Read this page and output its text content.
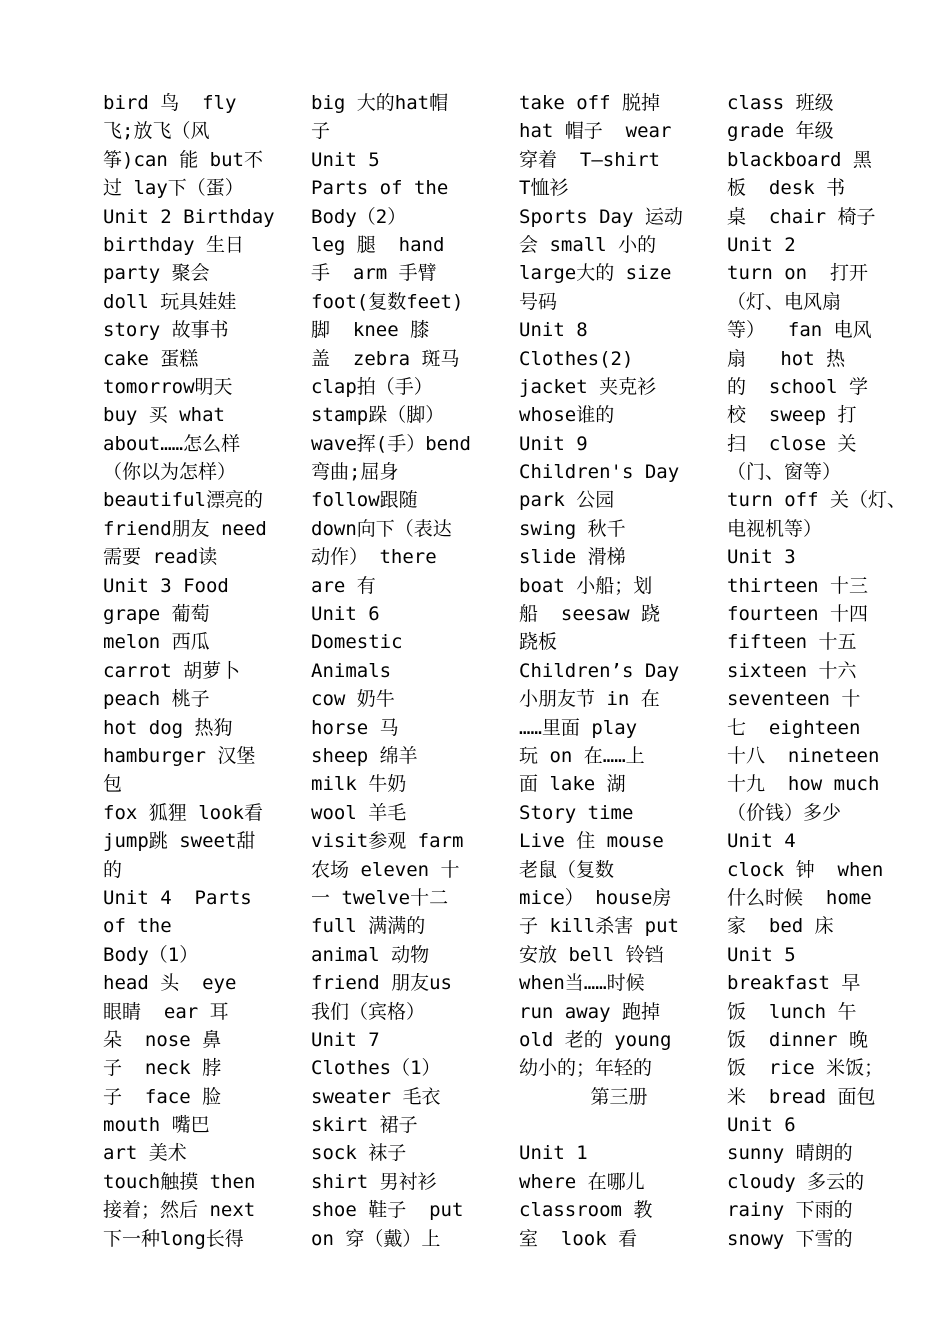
bird 鸟  fly
飞;放飞（风
筝)can 能 but不
过 lay下（蛋）
Unit 2 Birthday
birthday 生日
party 聚会
doll 玩具娃娃
story 故事书
cake 蛋糕
tomorrow明天
buy 买 what
about……怎么样
（你以为怎样）
beautiful漂亮的
friend朋友 need
需要 read读
Unit 3 Food
grape 葡萄
melon 西瓜
carrot 胡萝卜
peach 桃子
hot dog 热狗
hamburger 汉堡
包
fox 狐狸 look看
jump跳 sweet甜
的
Unit 4  Parts
of the
Body（1）
head 头  eye
眼睛  ear 耳
朵  nose 鼻
子  neck 脖
子  face 脸
mouth 嘴巴
art 美术
touch触摸 then
接着；然后 next
下一种long长得
big 大的hat帽
子
Unit 5
Parts of the
Body（2）
leg 腿  hand
手  arm 手臂
foot(复数feet)
脚  knee 膝
盖  zebra 斑马
clap拍（手）
stamp跺（脚）
wave挥(手）bend
弯曲;屈身
follow跟随
down向下（表达
动作） there
are 有
Unit 6
Domestic
Animals
cow 奶牛
horse 马
sheep 绵羊
milk 牛奶
wool 羊毛
visit参观 farm
农场 eleven 十
一 twelve十二
full 满满的
animal 动物
friend 朋友us
我们（宾格）
Unit 7
Clothes（1）
sweater 毛衣
skirt 裙子
sock 袜子
shirt 男衬衫
shoe 鞋子  put
on 穿（戴）上
take off 脱掉
hat 帽子  wear
穿着  T—shirt
T恤衫
Sports Day 运动
会 small 小的
large大的 size
号码
Unit 8
Clothes(2)
jacket 夹克衫
whose谁的
Unit 9
Children's Day
park 公园
swing 秋千
slide 滑梯
boat 小船；划
船  seesaw 跷
跷板
Children’s Day
小朋友节 in 在
……里面 play
玩 on 在……上
面 lake 湖
Story time
Live 住 mouse
老鼠（复数
mice） house房
子 kill杀害 put
安放 bell 铃铛
when当……时候
run away 跑掉
old 老的 young
幼小的；年轻的
第三册
Unit 1
where 在哪儿
classroom 教
室  look 看
class 班级
grade 年级
blackboard 黑
板  desk 书
桌  chair 椅子
Unit 2
turn on  打开
（灯、电风扇
等）  fan 电风
扇   hot 热
的  school 学
校  sweep 打
扫  close 关
（门、窗等）
turn off 关（灯、
电视机等）
Unit 3
thirteen 十三
fourteen 十四
fifteen 十五
sixteen 十六
seventeen 十
七  eighteen
十八  nineteen
十九  how much
（价钱）多少
Unit 4
clock 钟  when
什么时候  home
家  bed 床
Unit 5
breakfast 早
饭  lunch 午
饭  dinner 晚
饭  rice 米饭；
米  bread 面包
Unit 6
sunny 晴朗的
cloudy 多云的
rainy 下雨的
snowy 下雪的
